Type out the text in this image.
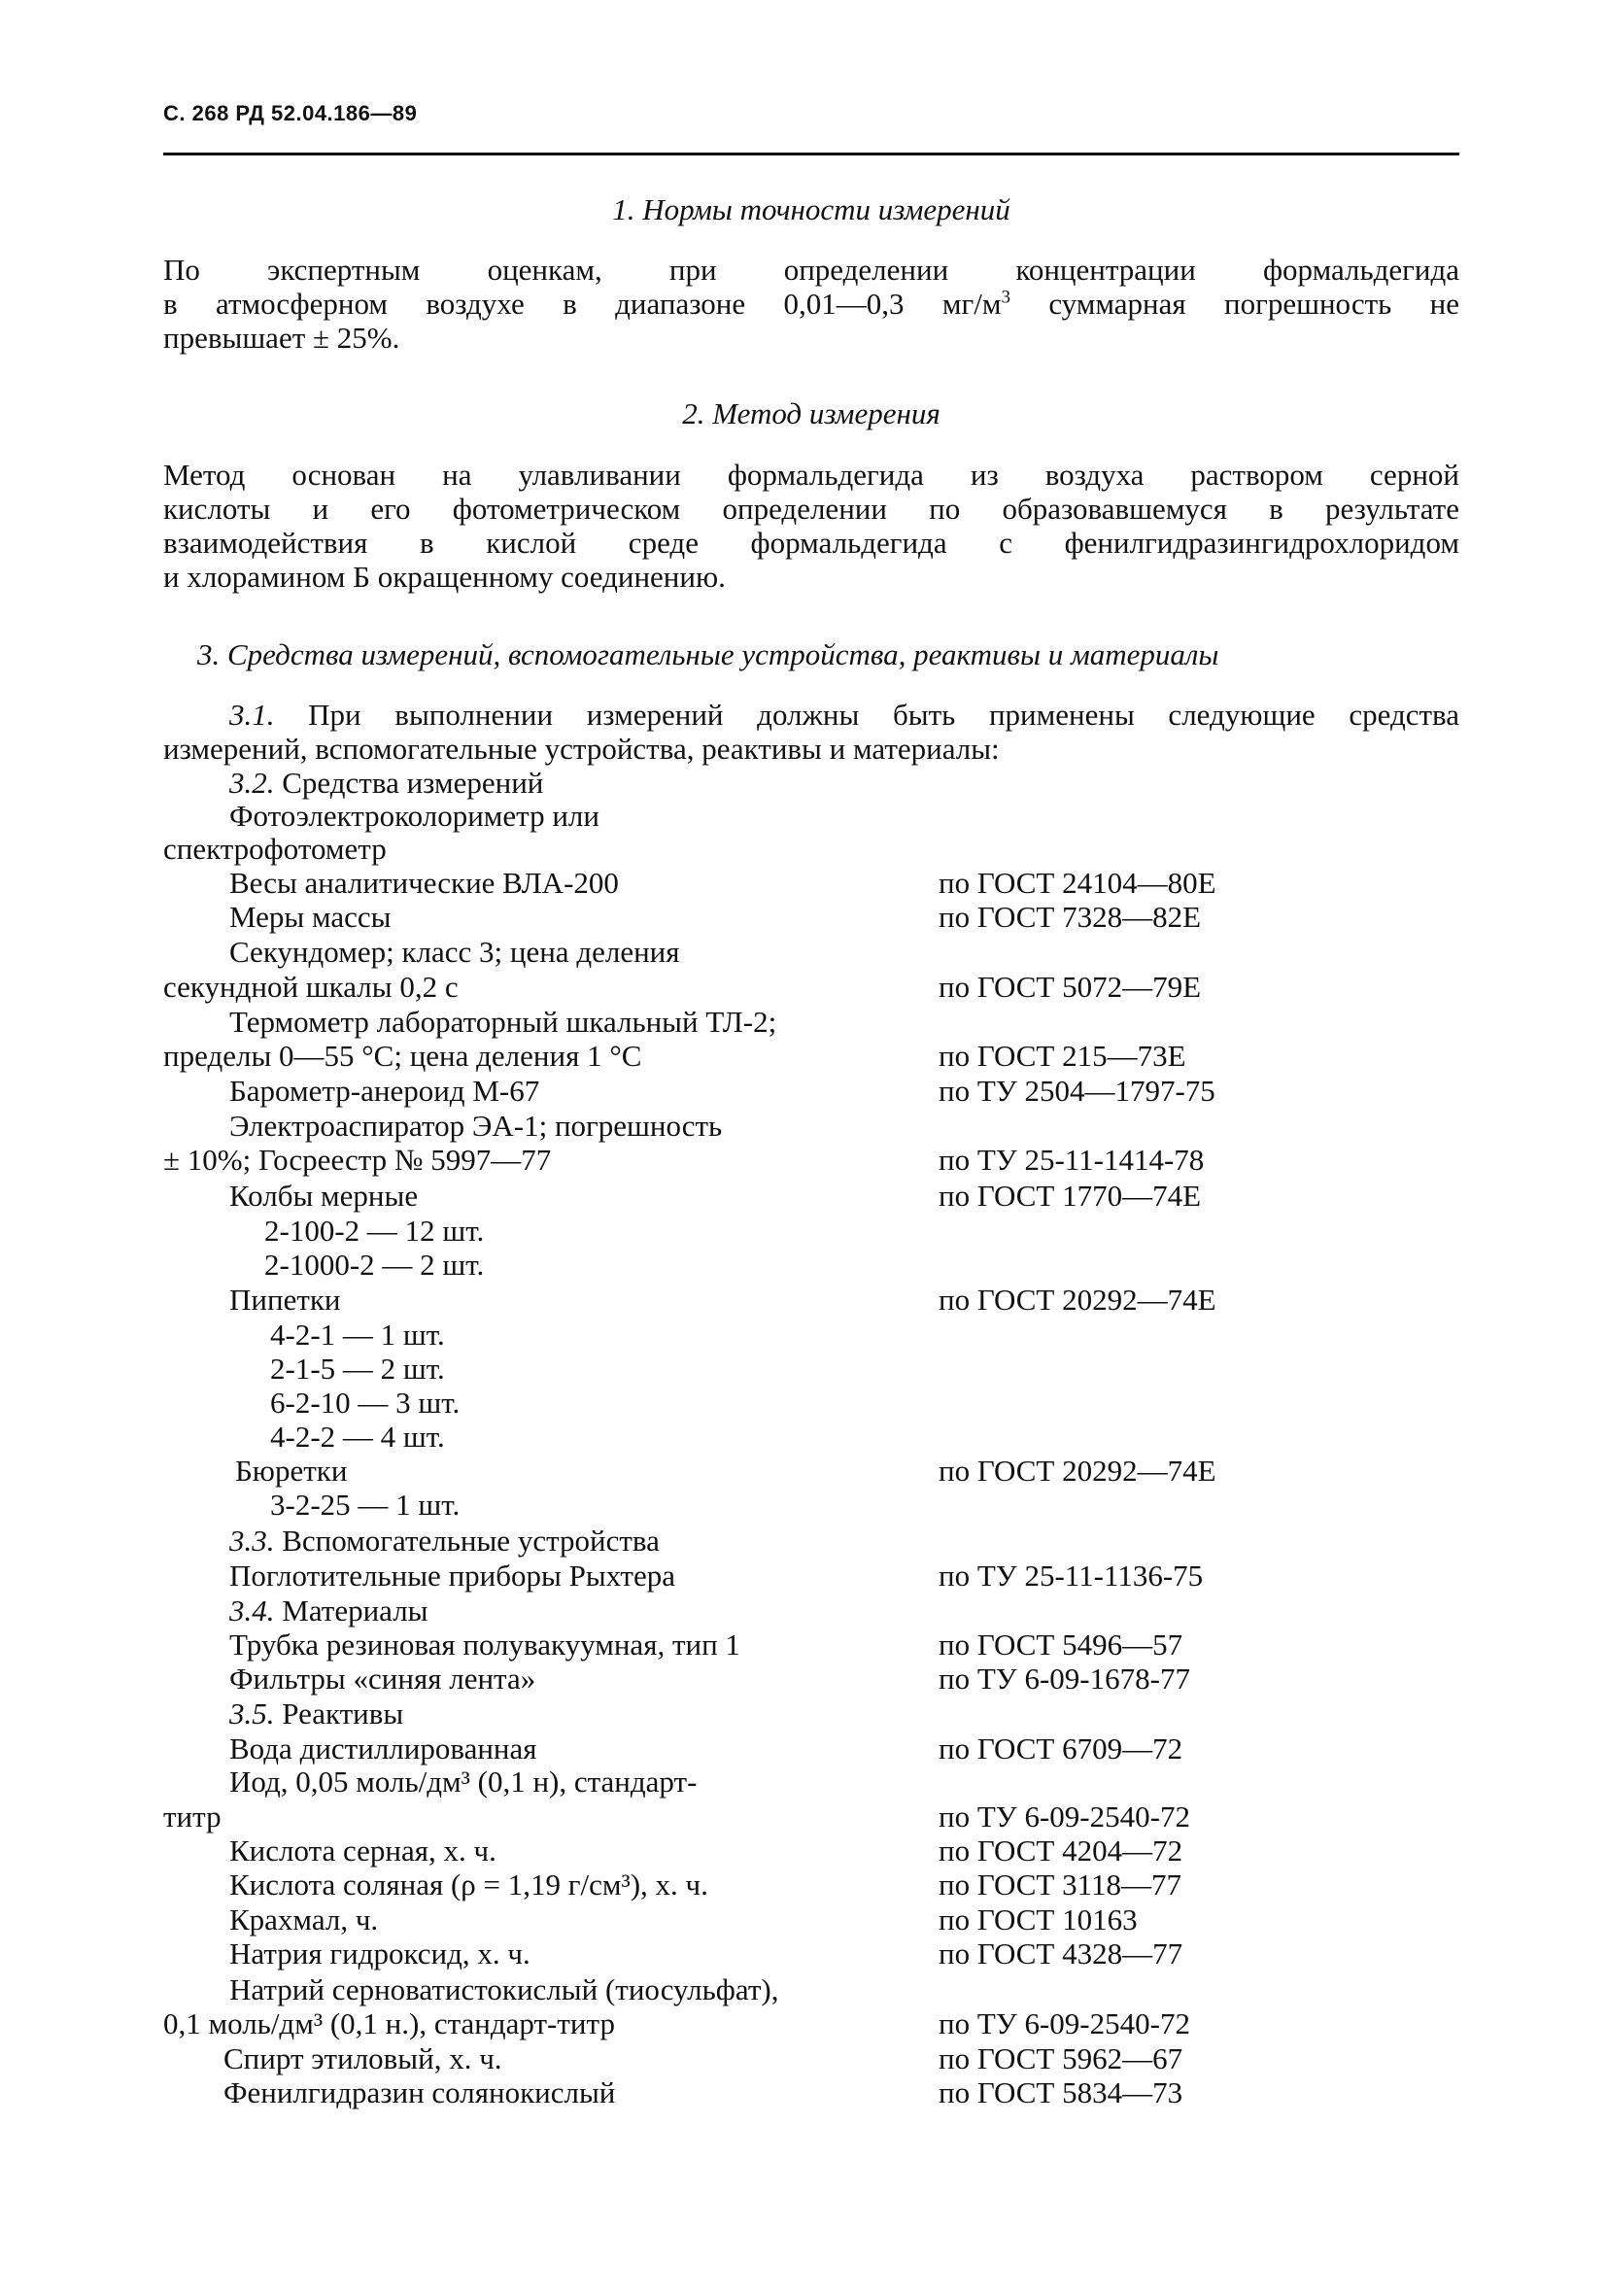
С. 268 РД 52.04.186—89
1. Нормы точности измерений
По экспертным оценкам, при определении концентрации формальдегида
в атмосферном воздухе в диапазоне 0,01—0,3 $мг/м^3$ суммарная погрешность не
превышает ± 25%.
2. Метод измерения
Метод основан на улавливании формальдегида из воздуха раствором серной
кислоты и его фотометрическом определении по образовавшемуся в результате
взаимодействия в кислой среде формальдегида с фенилгидразингидрохлоридом
и хлорамином Б окращенному соединению.
3. Средства измерений, вспомогательные устройства, реактивы и материалы
3.1. При выполнении измерений должны быть применены следующие средства
измерений, вспомогательные устройства, реактивы и материалы:
3.2. Средства измерений
Фотоэлектроколориметр или
спектрофотометр
Весы аналитические ВЛА-200	по ГОСТ 24104—80Е
Меры массы	по ГОСТ 7328—82Е
Секундомер; класс 3; цена деления
секундной шкалы 0,2 с	по ГОСТ 5072—79Е
Термометр лабораторный шкальный ТЛ-2;
пределы 0—55 °С; цена деления 1 °С	по ГОСТ 215—73Е
Барометр-анероид М-67	по ТУ 2504—1797-75
Электроаспиратор ЭА-1; погрешность
± 10%; Госреестр № 5997—77	по ТУ 25-11-1414-78
Колбы мерные	по ГОСТ 1770—74Е
2-100-2 — 12 шт.
2-1000-2 — 2 шт.
Пипетки	по ГОСТ 20292—74Е
4-2-1 — 1 шт.
2-1-5 — 2 шт.
6-2-10 — 3 шт.
4-2-2 — 4 шт.
Бюретки	по ГОСТ 20292—74Е
3-2-25 — 1 шт.
3.3. Вспомогательные устройства
Поглотительные приборы Рыхтера	по ТУ 25-11-1136-75
3.4. Материалы
Трубка резиновая полувакуумная, тип 1	по ГОСТ 5496—57
Фильтры «синяя лента»	по ТУ 6-09-1678-77
3.5. Реактивы
Вода дистиллированная	по ГОСТ 6709—72
Иод, 0,05 моль/дм³ (0,1 н), стандарт-
титр	по ТУ 6-09-2540-72
Кислота серная, х. ч.	по ГОСТ 4204—72
Кислота соляная (ρ = 1,19 г/см³), х. ч.	по ГОСТ 3118—77
Крахмал, ч.	по ГОСТ 10163
Натрия гидроксид, х. ч.	по ГОСТ 4328—77
Натрий серноватистокислый (тиосульфат),
0,1 моль/дм³ (0,1 н.), стандарт-титр	по ТУ 6-09-2540-72
Спирт этиловый, х. ч.	по ГОСТ 5962—67
Фенилгидразин солянокислый	по ГОСТ 5834—73
